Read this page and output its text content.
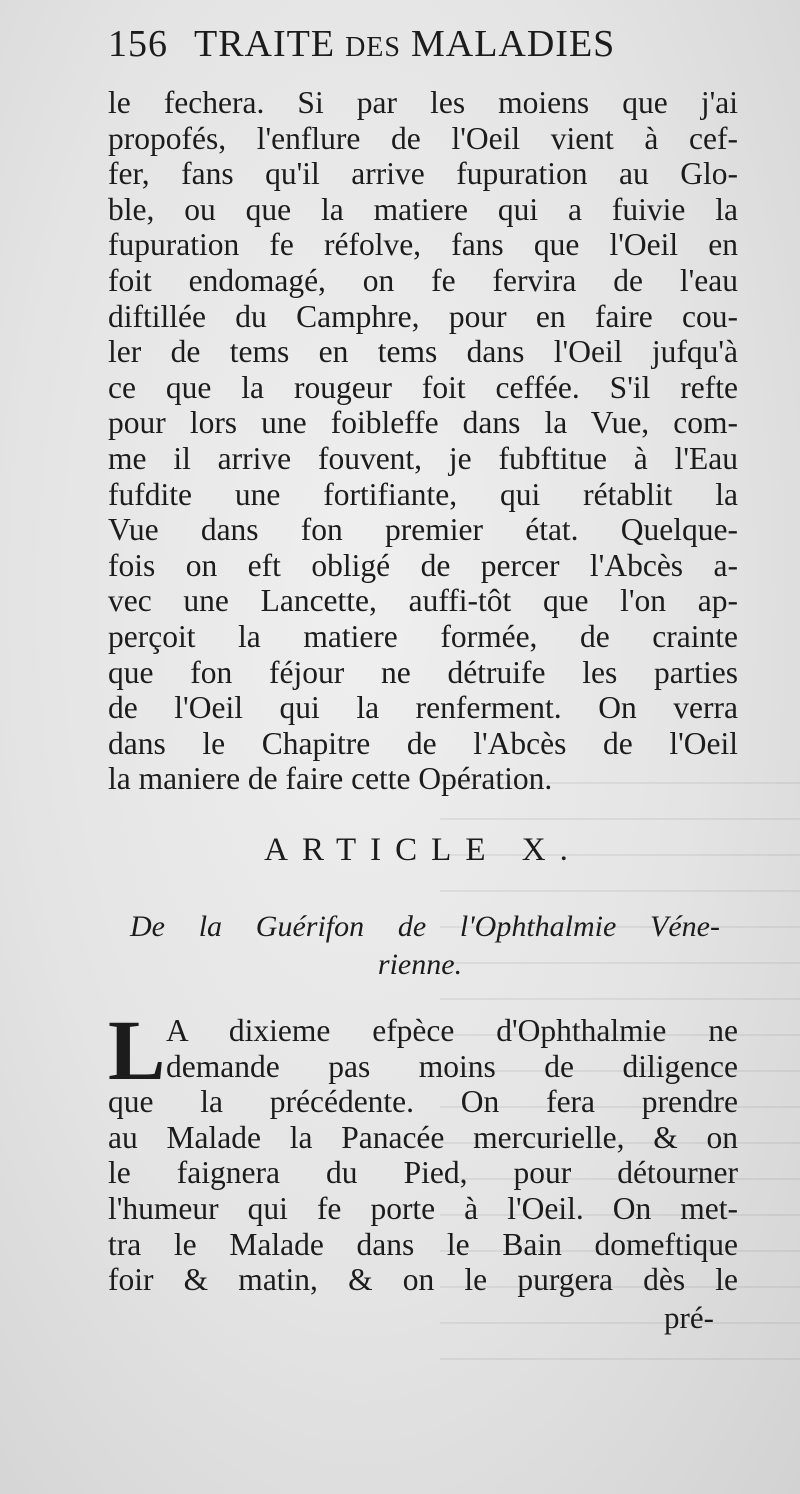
156 TRAITE DES MALADIES
le fechera. Si par les moiens que j'ai
propofés, l'enflure de l'Oeil vient à cef-
fer, fans qu'il arrive fupuration au Glo-
ble, ou que la matiere qui a fuivie la
fupuration fe réfolve, fans que l'Oeil en
foit endomagé, on fe fervira de l'eau
diftillée du Camphre, pour en faire cou-
ler de tems en tems dans l'Oeil jufqu'à
ce que la rougeur foit ceffée. S'il refte
pour lors une foibleffe dans la Vue, com-
me il arrive fouvent, je fubftitue à l'Eau
fufdite une fortifiante, qui rétablit la
Vue dans fon premier état. Quelque-
fois on eft obligé de percer l'Abcès a-
vec une Lancette, auffi-tôt que l'on ap-
perçoit la matiere formée, de crainte
que fon féjour ne détruife les parties
de l'Oeil qui la renferment. On verra
dans le Chapitre de l'Abcès de l'Oeil
la maniere de faire cette Opération.
ARTICLE X.
De la Guérifon de l'Ophthalmie Véne-
rienne.
L A dixieme efpèce d'Ophthalmie ne
demande pas moins de diligence
que la précédente. On fera prendre
au Malade la Panacée mercurielle, & on
le faignera du Pied, pour détourner
l'humeur qui fe porte à l'Oeil. On met-
tra le Malade dans le Bain domeftique
foir & matin, & on le purgera dès le
pré-
